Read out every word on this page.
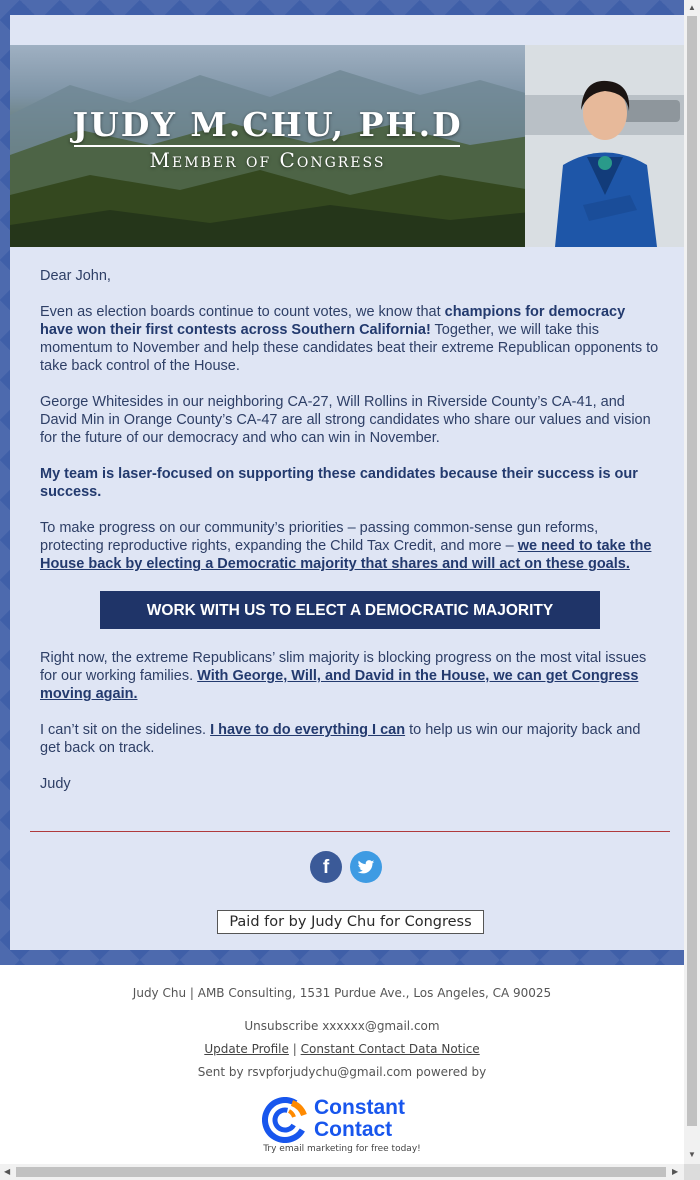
JUDY M.CHU, PH.D
Member of Congress

Dear John,

Even as election boards continue to count votes, we know that champions for democracy have won their first contests across Southern California! Together, we will take this momentum to November and help these candidates beat their extreme Republican opponents to take back control of the House.

George Whitesides in our neighboring CA-27, Will Rollins in Riverside County’s CA-41, and David Min in Orange County’s CA-47 are all strong candidates who share our values and vision for the future of our democracy and who can win in November.

My team is laser-focused on supporting these candidates because their success is our success.

To make progress on our community’s priorities – passing common-sense gun reforms, protecting reproductive rights, expanding the Child Tax Credit, and more – we need to take the House back by electing a Democratic majority that shares and will act on these goals.

WORK WITH US TO ELECT A DEMOCRATIC MAJORITY

Right now, the extreme Republicans’ slim majority is blocking progress on the most vital issues for our working families. With George, Will, and David in the House, we can get Congress moving again.

I can’t sit on the sidelines. I have to do everything I can to help us win our majority back and get back on track.

Judy

f
Paid for by Judy Chu for Congress
Judy Chu | AMB Consulting, 1531 Purdue Ave., Los Angeles, CA 90025
Unsubscribe xxxxxx@gmail.com
Update Profile | Constant Contact Data Notice
Sent by rsvpforjudychu@gmail.com powered by
Constant
Contact
Try email marketing for free today!
▲
▼
◀	▶
